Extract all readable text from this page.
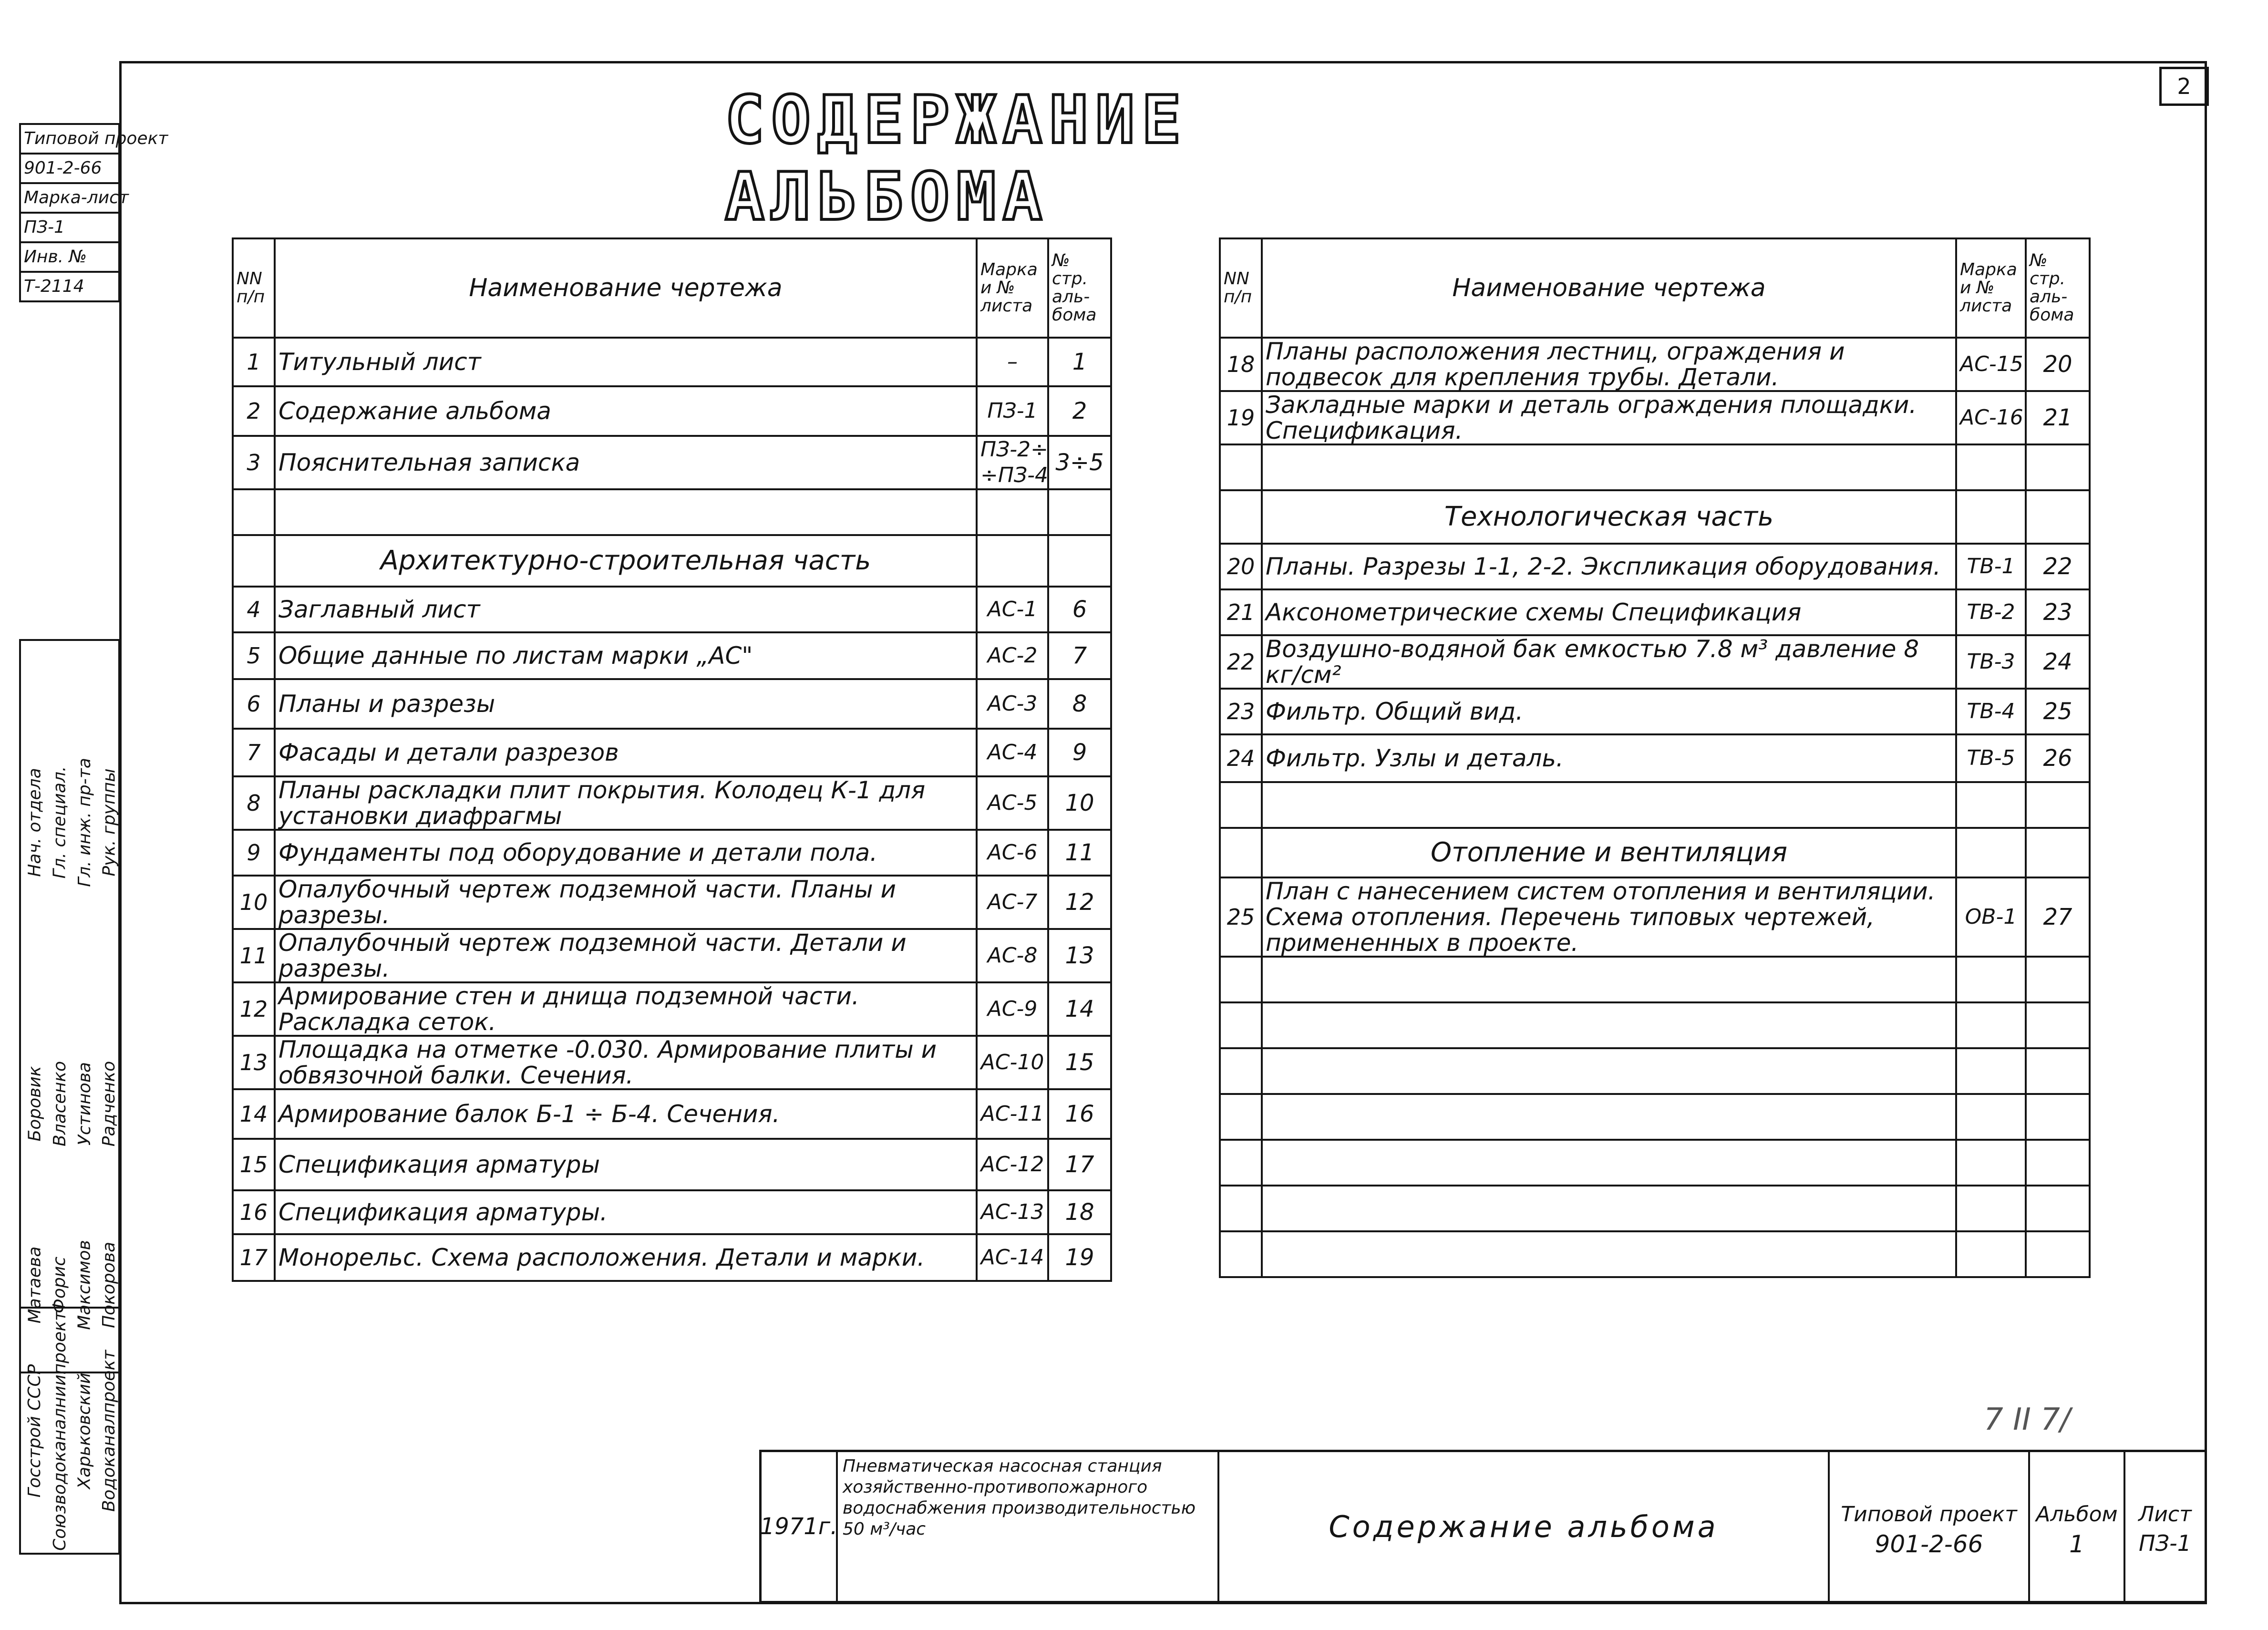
2
СОДЕРЖАНИЕ АЛЬБОМА
Типовой проект
901-2-66
Марка-лист
ПЗ-1
Инв. №
Т-2114
Нач. отдела Гл. специал. Гл. инж. пр-та Рук. группы
Боровик Власенко Устинова Радченко
Матаева Форис Максимов Покорова
Госстрой СССР Союзводоканалниипроект Харьковский Водоканалпроект
NN п/п	Наименование чертежа	Марка и № листа	№ стр. аль- бома
1	Титульный лист	–	1
2	Содержание альбома	ПЗ-1	2
3	Пояснительная записка	ПЗ-2÷ ÷ПЗ-4	3÷5

	Архитектурно-строительная часть		
4	Заглавный лист	АС-1	6
5	Общие данные по листам марки „АС"	АС-2	7
6	Планы и разрезы	АС-3	8
7	Фасады и детали разрезов	АС-4	9
8	Планы раскладки плит покрытия. Колодец К-1 для установки диафрагмы	АС-5	10
9	Фундаменты под оборудование и детали пола.	АС-6	11
10	Опалубочный чертеж подземной части. Планы и разрезы.	АС-7	12
11	Опалубочный чертеж подземной части. Детали и разрезы.	АС-8	13
12	Армирование стен и днища подземной части. Раскладка сеток.	АС-9	14
13	Площадка на отметке -0.030. Армирование плиты и обвязочной балки. Сечения.	АС-10	15
14	Армирование балок Б-1 ÷ Б-4. Сечения.	АС-11	16
15	Спецификация арматуры	АС-12	17
16	Спецификация арматуры.	АС-13	18
17	Монорельс. Схема расположения. Детали и марки.	АС-14	19
NN п/п	Наименование чертежа	Марка и № листа	№ стр. аль- бома
18	Планы расположения лестниц, ограждения и подвесок для крепления трубы. Детали.	АС-15	20
19	Закладные марки и деталь ограждения площадки. Спецификация.	АС-16	21

	Технологическая часть		
20	Планы. Разрезы 1-1, 2-2. Экспликация оборудования.	ТВ-1	22
21	Аксонометрические схемы Спецификация	ТВ-2	23
22	Воздушно-водяной бак емкостью 7.8 м³ давление 8 кг/см²	ТВ-3	24
23	Фильтр. Общий вид.	ТВ-4	25
24	Фильтр. Узлы и деталь.	ТВ-5	26

	Отопление и вентиляция		
25	План с нанесением систем отопления и вентиляции. Схема отопления. Перечень типовых чертежей, примененных в проекте.	ОВ-1	27

7 II 7/
1971г.
Пневматическая насосная станция хозяйственно-противопожарного водоснабжения производительностью 50 м³/час	Содержание альбома	Типовой проект
901-2-66
Альбом
1
Лист
ПЗ-1
